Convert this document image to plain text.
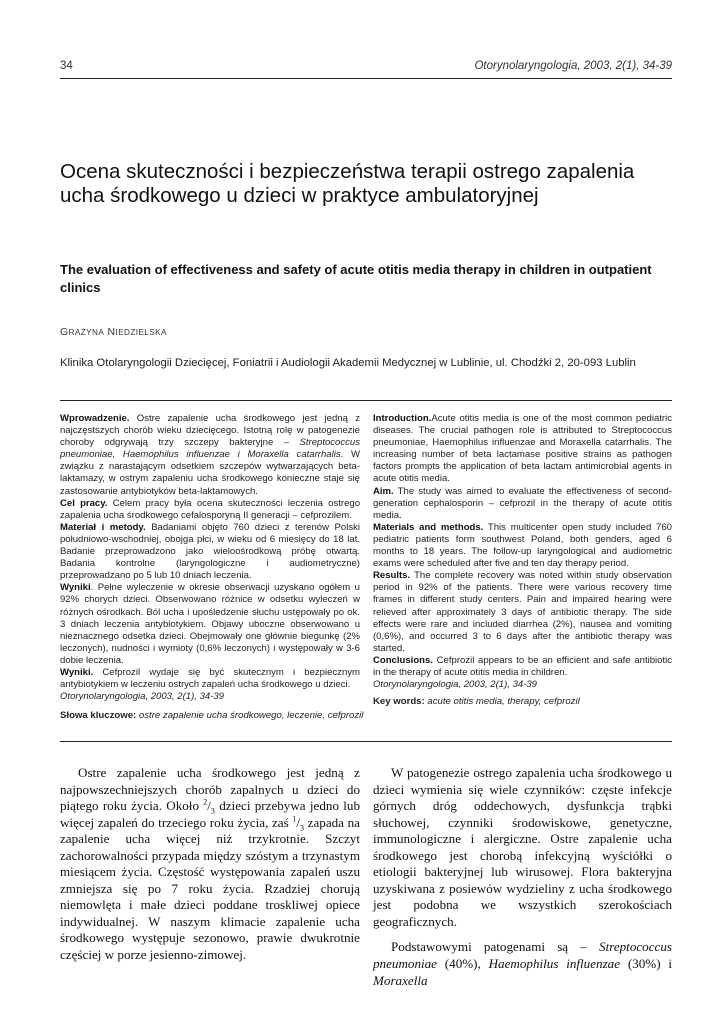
34	Otorynolaryngologia, 2003, 2(1), 34-39
Ocena skuteczności i bezpieczeństwa terapii ostrego zapalenia ucha środkowego u dzieci w praktyce ambulatoryjnej
The evaluation of effectiveness and safety of acute otitis media therapy in children in outpatient clinics
GRAŻYNA NIEDZIELSKA
Klinika Otolaryngologii Dziecięcej, Foniatrii i Audiologii Akademii Medycznej w Lublinie, ul. Chodźki 2, 20-093 Lublin

Wprowadzenie. Ostre zapalenie ucha środkowego jest jedną z najczęstszych chorób wieku dziecięcego. Istotną rolę w patogenezie choroby odgrywają trzy szczepy bakteryjne – Streptococcus pneumoniae, Haemophilus influenzae i Moraxella catarrhalis. W związku z narastającym odsetkiem szczepów wytwarzających beta-laktamazy, w ostrym zapaleniu ucha środkowego konieczne staje się zastosowanie antybiotyków beta-laktamowych.

Cel pracy. Celem pracy była ocena skuteczności leczenia ostrego zapalenia ucha środkowego cefalosporyną II generacji – cefprozilem.

Materiał i metody. Badaniami objęto 760 dzieci z terenów Polski południowo-wschodniej, obojga płci, w wieku od 6 miesięcy do 18 lat. Badanie przeprowadzono jako wieloośrodkową próbę otwartą. Badania kontrolne (laryngologiczne i audiometryczne) przeprowadzano po 5 lub 10 dniach leczenia.

Wyniki. Pełne wyleczenie w okresie obserwacji uzyskano ogółem u 92% chorych dzieci. Obserwowano różnice w odsetku wyleczeń w różnych ośrodkach. Ból ucha i upośledzenie słuchu ustępowały po ok. 3 dniach leczenia antybiotykiem. Objawy uboczne obserwowano u nieznacznego odsetka dzieci. Obejmowały one głównie biegunkę (2% leczonych), nudności i wymioty (0,6% leczonych) i występowały w 3-6 dobie leczenia.

Wyniki. Cefprozil wydaje się być skutecznym i bezpiecznym antybiotykiem w leczeniu ostrych zapaleń ucha środkowego u dzieci.

Otorynolaryngologia, 2003, 2(1), 34-39

Słowa kluczowe: ostre zapalenie ucha środkowego, leczenie, cefprozil

Introduction.Acute otitis media is one of the most common pediatric diseases. The crucial pathogen role is attributed to Streptococcus pneumoniae, Haemophilus influenzae and Moraxella catarrhalis. The increasing number of beta lactamase positive strains as pathogen factors prompts the application of beta lactam antimicrobial agents in acute otitis media.

Aim. The study was aimed to evaluate the effectiveness of second-generation cephalosporin – cefprozil in the therapy of acute otitis media.

Materials and methods. This multicenter open study included 760 pediatric patients form southwest Poland, both genders, aged 6 months to 18 years. The follow-up laryngological and audiometric exams were scheduled after five and ten day therapy period.

Results. The complete recovery was noted within study observation period in 92% of the patients. There were various recovery time frames in different study centers. Pain and impaired hearing were relieved after approximately 3 days of antibiotic therapy. The side effects were rare and included diarrhea (2%), nausea and vomiting (0,6%), and occurred 3 to 6 days after the antibiotic therapy was started.

Conclusions. Cefprozil appears to be an efficient and safe antibiotic in the therapy of acute otitis media in children.

Otorynolaryngologia, 2003, 2(1), 34-39

Key words: acute otitis media, therapy, cefprozil

Ostre zapalenie ucha środkowego jest jedną z najpowszechniejszych chorób zapalnych u dzieci do piątego roku życia. Około $^2/_3$ dzieci przebywa jedno lub więcej zapaleń do trzeciego roku życia, zaś $^1/_3$ zapada na zapalenie ucha więcej niż trzykrotnie. Szczyt zachorowalności przypada między szóstym a trzynastym miesiącem życia. Częstość występowania zapaleń uszu zmniejsza się po 7 roku życia. Rzadziej chorują niemowlęta i małe dzieci poddane troskliwej opiece indywidualnej. W naszym klimacie zapalenie ucha środkowego występuje sezonowo, prawie dwukrotnie częściej w porze jesienno-zimowej.

W patogenezie ostrego zapalenia ucha środkowego u dzieci wymienia się wiele czynników: częste infekcje górnych dróg oddechowych, dysfunkcja trąbki słuchowej, czynniki środowiskowe, genetyczne, immunologiczne i alergiczne. Ostre zapalenie ucha środkowego jest chorobą infekcyjną wyściółki o etiologii bakteryjnej lub wirusowej. Flora bakteryjna uzyskiwana z posiewów wydzieliny z ucha środkowego jest podobna we wszystkich szerokościach geograficznych.

Podstawowymi patogenami są – Streptococcus pneumoniae (40%), Haemophilus influenzae (30%) i Moraxella
